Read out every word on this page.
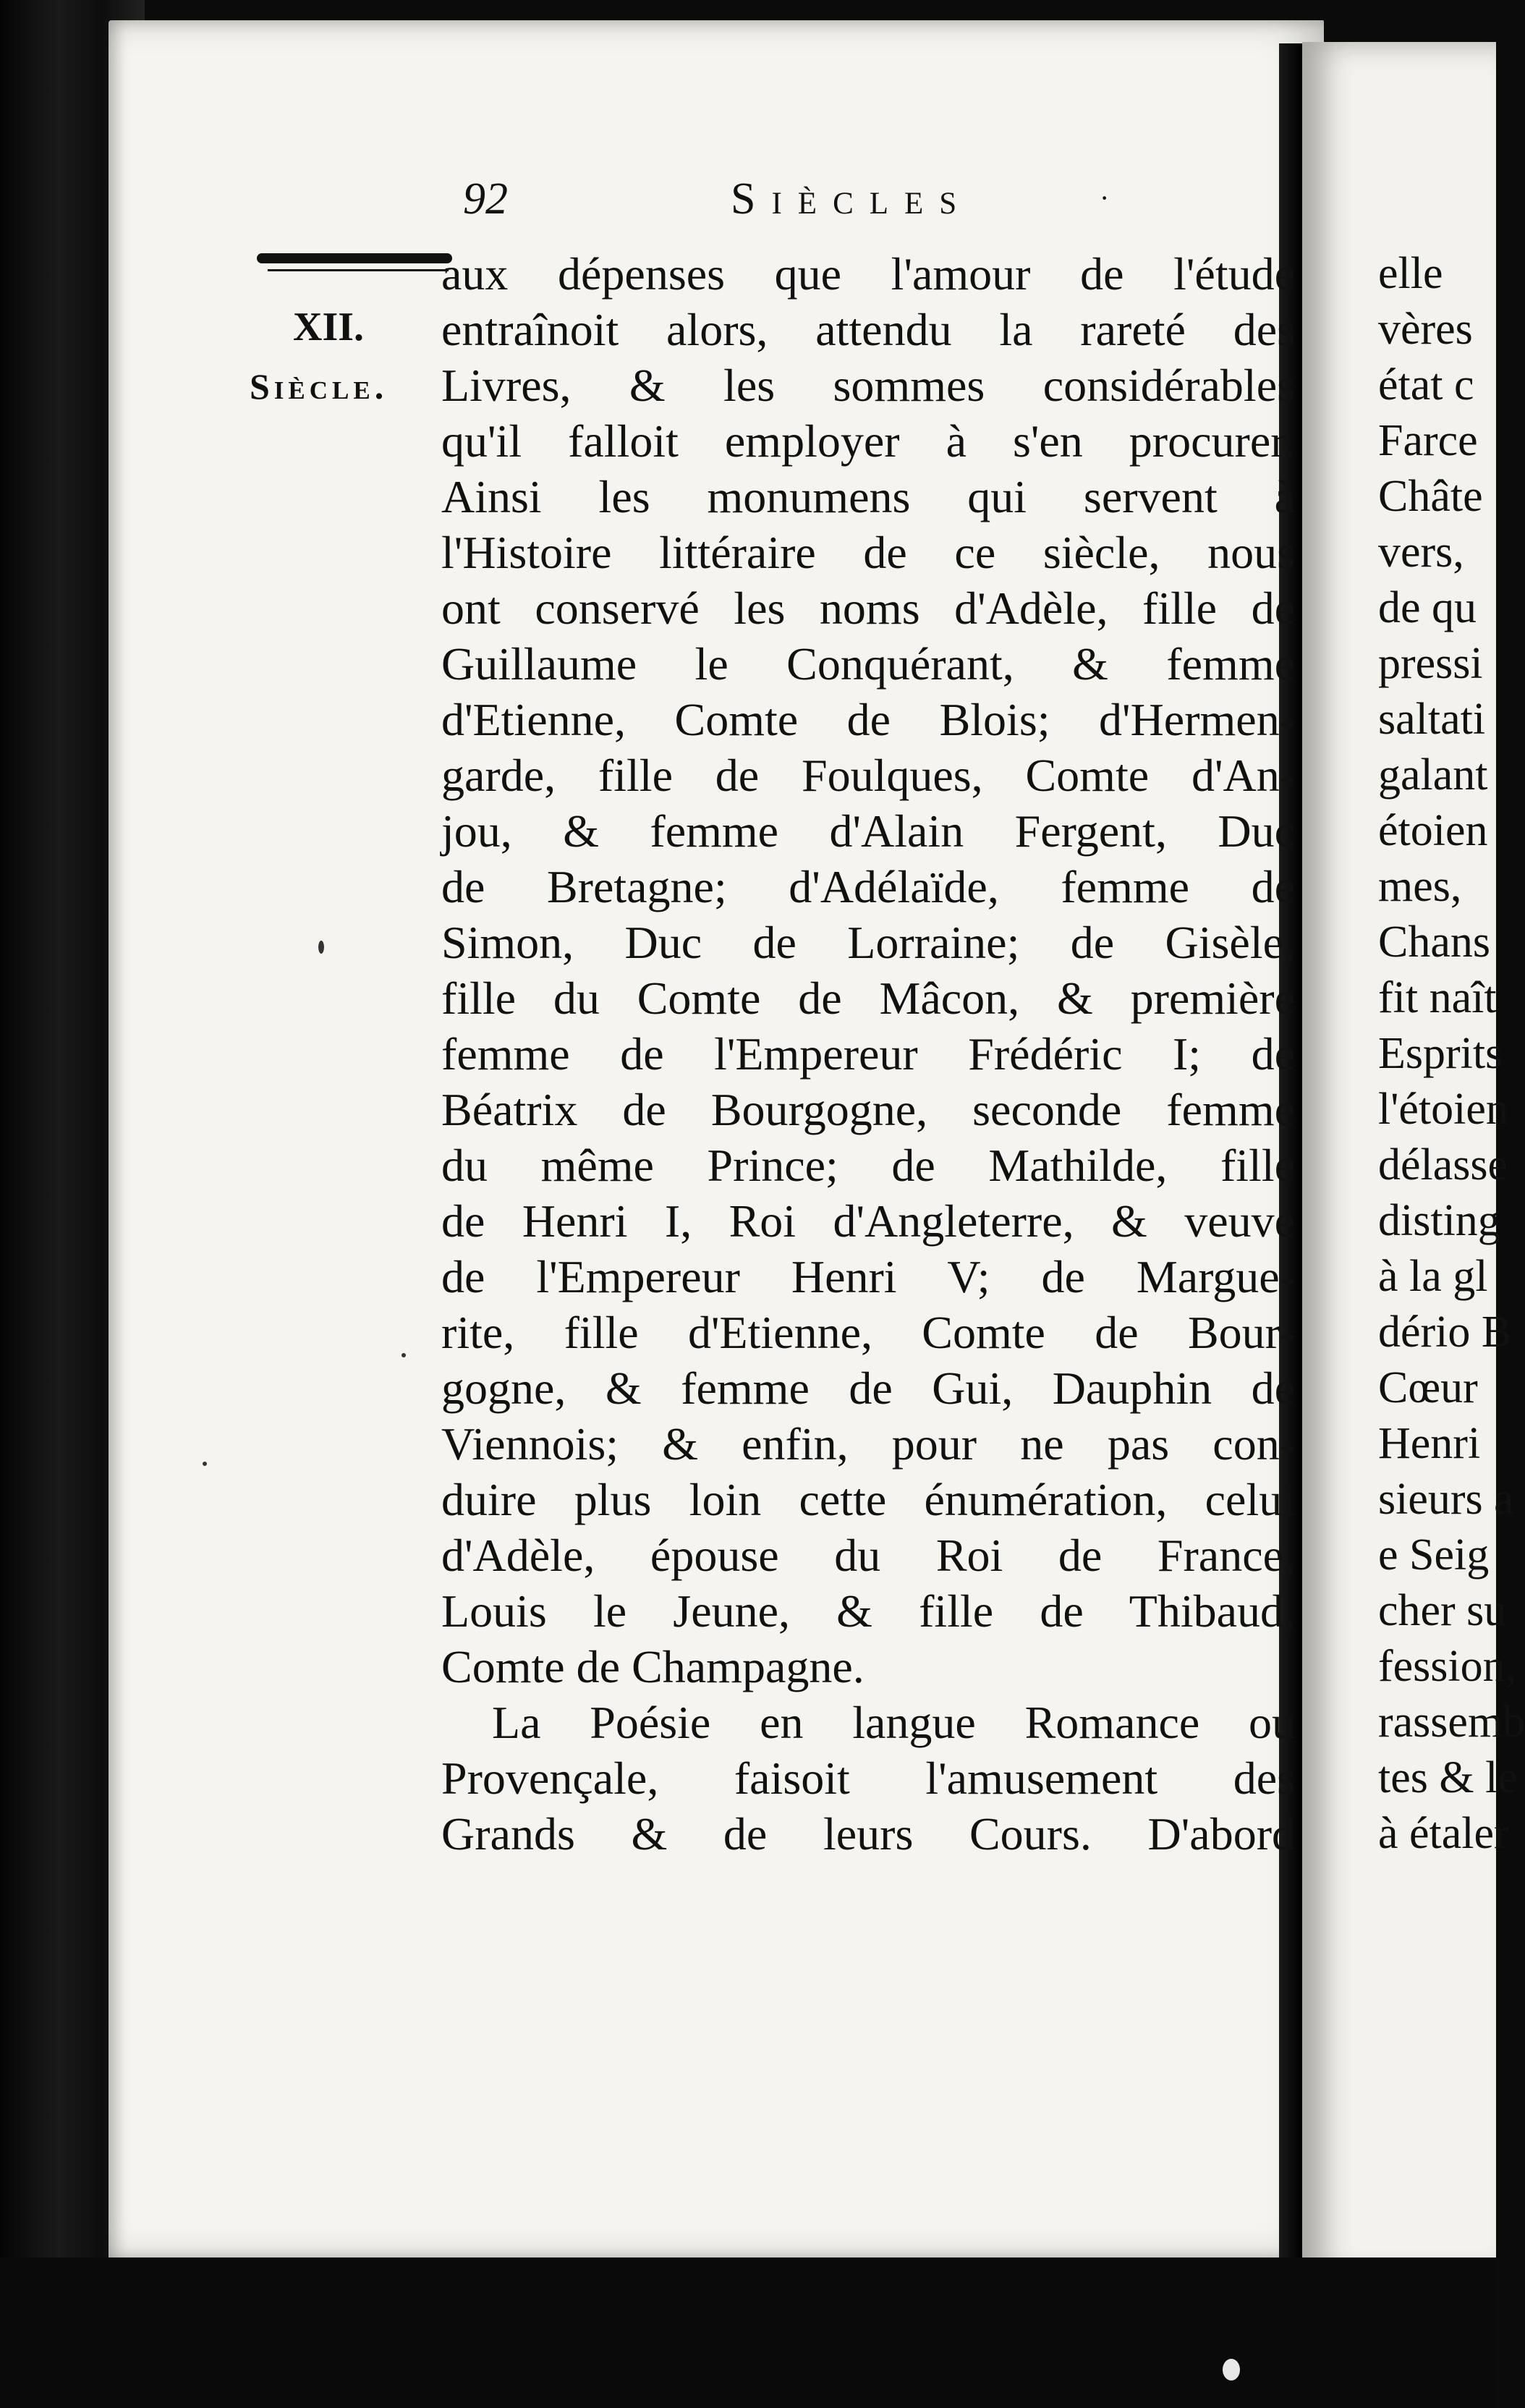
92	Siècles	·
XII.
Siècle.
aux dépenses que l'amour de l'étude
entraînoit alors, attendu la rareté des
Livres, & les sommes considérables
qu'il falloit employer à s'en procurer.
Ainsi les monumens qui servent à
l'Histoire littéraire de ce siècle, nous
ont conservé les noms d'Adèle, fille de
Guillaume le Conquérant, & femme
d'Etienne, Comte de Blois; d'Hermen-
garde, fille de Foulques, Comte d'An-
jou, & femme d'Alain Fergent, Duc
de Bretagne; d'Adélaïde, femme de
Simon, Duc de Lorraine; de Gisèle,
fille du Comte de Mâcon, & première
femme de l'Empereur Frédéric I; de
Béatrix de Bourgogne, seconde femme
du même Prince; de Mathilde, fille
de Henri I, Roi d'Angleterre, & veuve
de l'Empereur Henri V; de Margue-
rite, fille d'Etienne, Comte de Bour-
gogne, & femme de Gui, Dauphin de
Viennois; & enfin, pour ne pas con-
duire plus loin cette énumération, celui
d'Adèle, épouse du Roi de France,
Louis le Jeune, & fille de Thibaud,
Comte de Champagne.
La Poésie en langue Romance ou
Provençale, faisoit l'amusement des
Grands & de leurs Cours. D'abord
elle
vères
état c
Farce
Châte
vers,
de qu
pressi
saltati
galant
étoien
mes,
Chans
fit naît
Esprits
l'étoien
délasse
disting
à la gl
dério B
Cœur
Henri
sieurs a
e Seig
cher su
fession,
rassemb
tes & le
à étaler
